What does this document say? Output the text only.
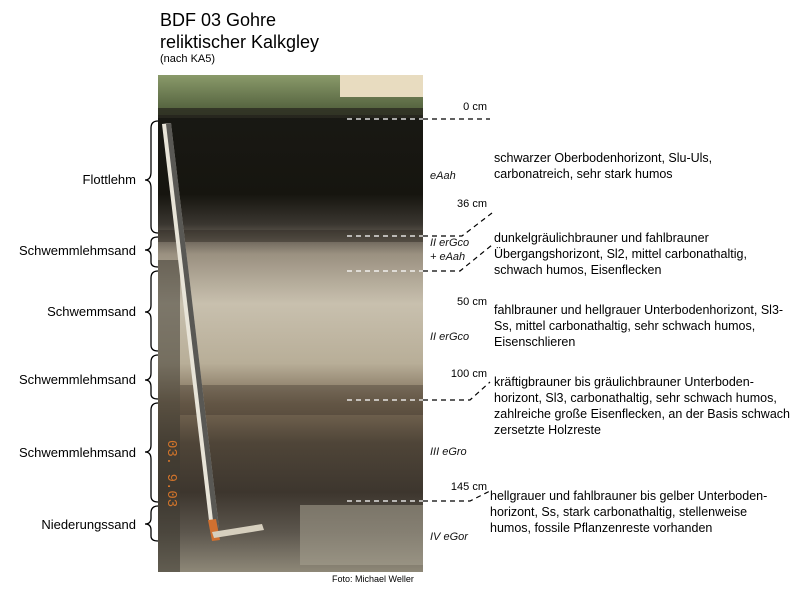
BDF 03 Gohre
reliktischer Kalkgley
(nach KA5)
03. 9.03
Flottlehm
Schwemmlehmsand
Schwemmsand
Schwemmlehmsand
Schwemmlehmsand
Niederungssand
eAah
II erGco
+ eAah
II erGco
III eGro
IV eGor
0 cm
36 cm
50 cm
100 cm
145 cm
schwarzer Oberbodenhorizont, Slu-Uls, carbonatreich, sehr stark humos
dunkelgräulichbrauner und fahlbrauner Übergangshorizont, Sl2, mittel carbonathaltig, schwach humos, Eisenflecken
fahlbrauner und hellgrauer Unterbodenhorizont, Sl3-Ss, mittel carbonathaltig, sehr schwach humos, Eisenschlieren
kräftigbrauner bis gräulichbrauner Unterboden-horizont, Sl3, carbonathaltig, sehr schwach humos, zahlreiche große Eisenflecken, an der Basis schwach zersetzte Holzreste
hellgrauer und fahlbrauner bis gelber Unterboden-horizont, Ss, stark carbonathaltig, stellenweise humos, fossile Pflanzenreste vorhanden
Foto: Michael Weller
